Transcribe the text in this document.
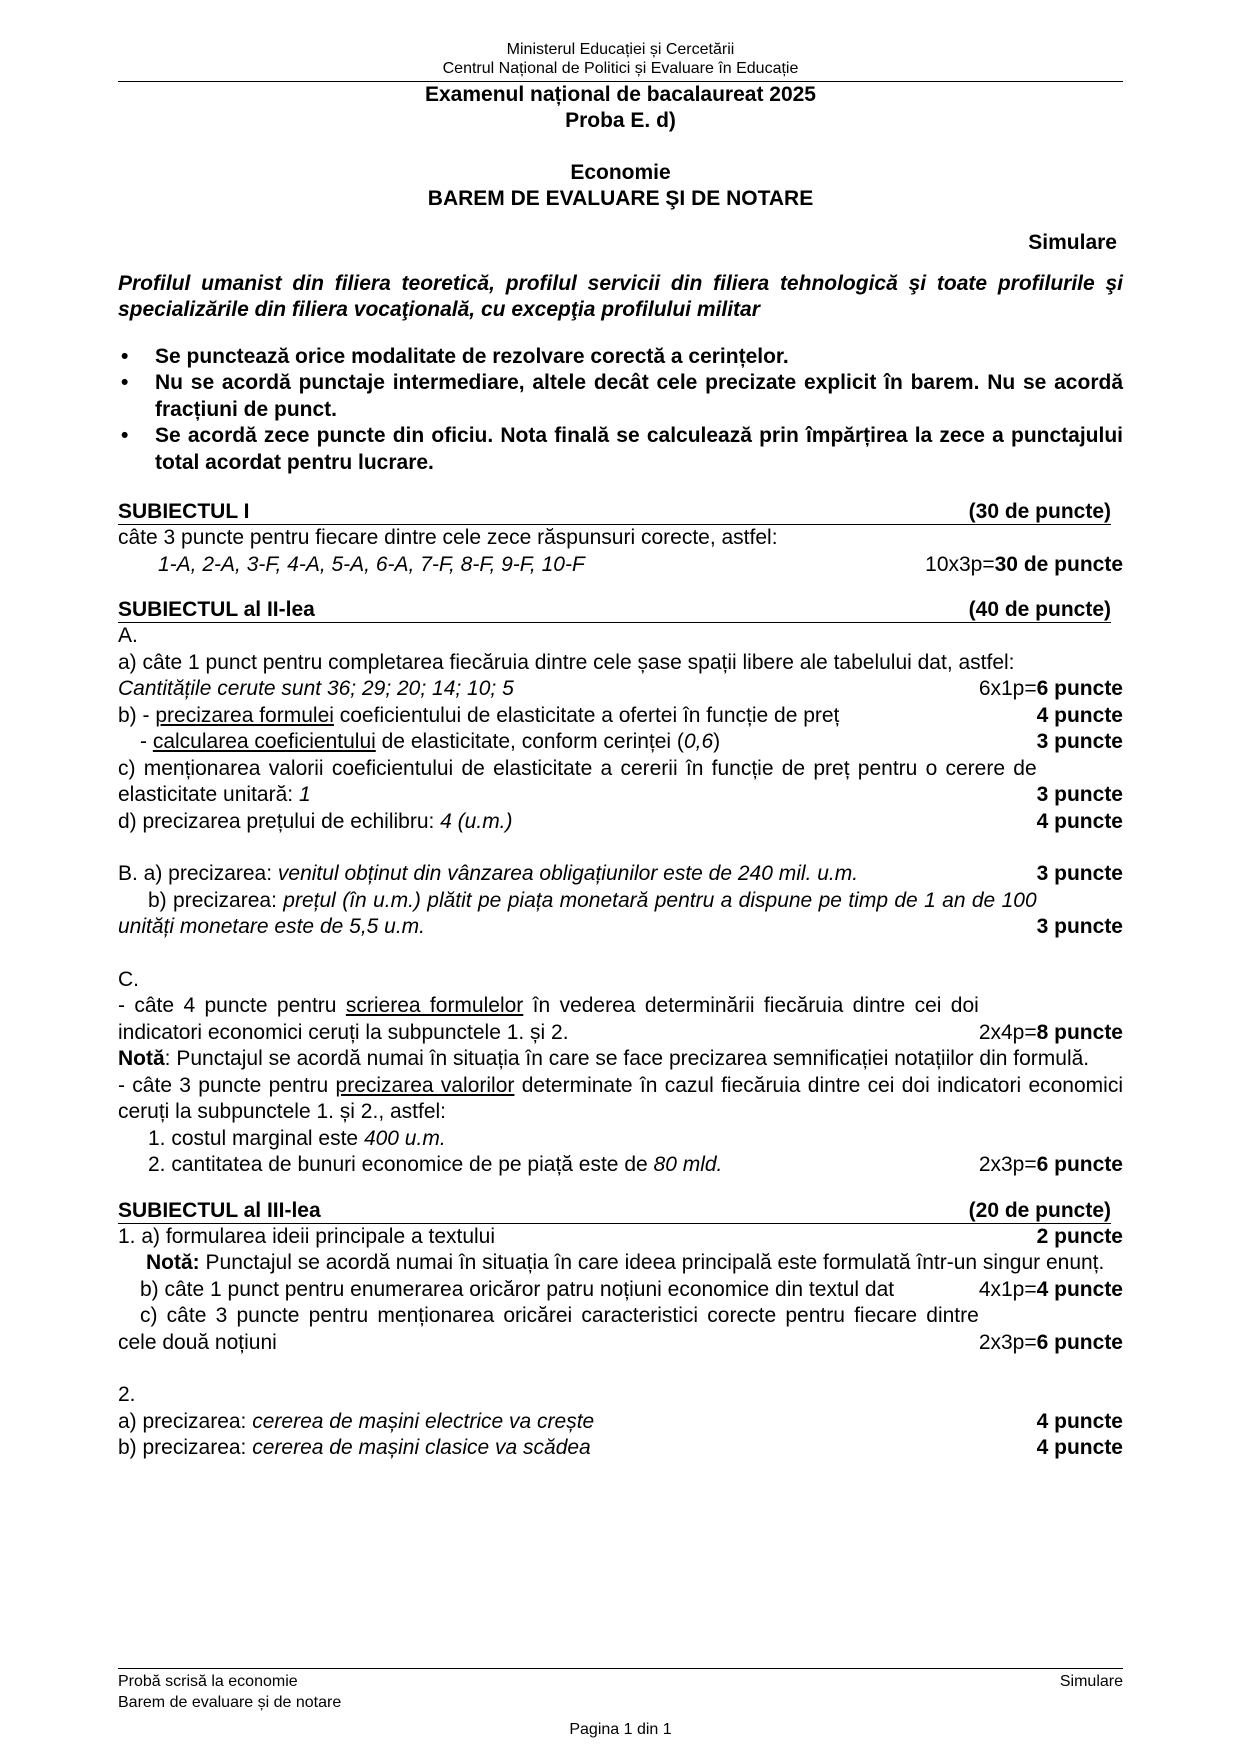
Ministerul Educației și Cercetării
Centrul Național de Politici și Evaluare în Educație
Examenul național de bacalaureat 2025
Proba E. d)
Economie
BAREM DE EVALUARE ŞI DE NOTARE
Simulare
Profilul umanist din filiera teoretică, profilul servicii din filiera tehnologică şi toate profilurile şi specializările din filiera vocaţională, cu excepţia profilului militar
• Se punctează orice modalitate de rezolvare corectă a cerințelor.
• Nu se acordă punctaje intermediare, altele decât cele precizate explicit în barem. Nu se acordă fracțiuni de punct.
• Se acordă zece puncte din oficiu. Nota finală se calculează prin împărțirea la zece a punctajului total acordat pentru lucrare.
SUBIECTUL I	(30 de puncte)
câte 3 puncte pentru fiecare dintre cele zece răspunsuri corecte, astfel:
1-A, 2-A, 3-F, 4-A, 5-A, 6-A, 7-F, 8-F, 9-F, 10-F	10x3p=30 de puncte
SUBIECTUL al II-lea	(40 de puncte)
A.
a) câte 1 punct pentru completarea fiecăruia dintre cele șase spații libere ale tabelului dat, astfel:
Cantitățile cerute sunt 36; 29; 20; 14; 10; 5	6x1p=6 puncte
b) - precizarea formulei coeficientului de elasticitate a ofertei în funcție de preț	4 puncte
- calcularea coeficientului de elasticitate, conform cerinței (0,6)	3 puncte
c) menționarea valorii coeficientului de elasticitate a cererii în funcție de preț pentru o cerere de elasticitate unitară: 1	3 puncte
d) precizarea prețului de echilibru: 4 (u.m.)	4 puncte
B. a) precizarea: venitul obținut din vânzarea obligațiunilor este de 240 mil. u.m.	3 puncte
b) precizarea: prețul (în u.m.) plătit pe piața monetară pentru a dispune pe timp de 1 an de 100 unități monetare este de 5,5 u.m.	3 puncte
C.
- câte 4 puncte pentru scrierea formulelor în vederea determinării fiecăruia dintre cei doi indicatori economici ceruți la subpunctele 1. și 2.	2x4p=8 puncte
Notă: Punctajul se acordă numai în situația în care se face precizarea semnificației notațiilor din formulă.
- câte 3 puncte pentru precizarea valorilor determinate în cazul fiecăruia dintre cei doi indicatori economici ceruți la subpunctele 1. și 2., astfel:
1. costul marginal este 400 u.m.
2. cantitatea de bunuri economice de pe piață este de 80 mld.	2x3p=6 puncte
SUBIECTUL al III-lea	(20 de puncte)
1. a) formularea ideii principale a textului	2 puncte
Notă: Punctajul se acordă numai în situația în care ideea principală este formulată într-un singur enunț.
b) câte 1 punct pentru enumerarea oricăror patru noțiuni economice din textul dat	4x1p=4 puncte
c) câte 3 puncte pentru menționarea oricărei caracteristici corecte pentru fiecare dintre cele două noțiuni	2x3p=6 puncte
2.
a) precizarea: cererea de mașini electrice va crește	4 puncte
b) precizarea: cererea de mașini clasice va scădea	4 puncte
Probă scrisă la economie	Simulare
Barem de evaluare și de notare
Pagina 1 din 1
